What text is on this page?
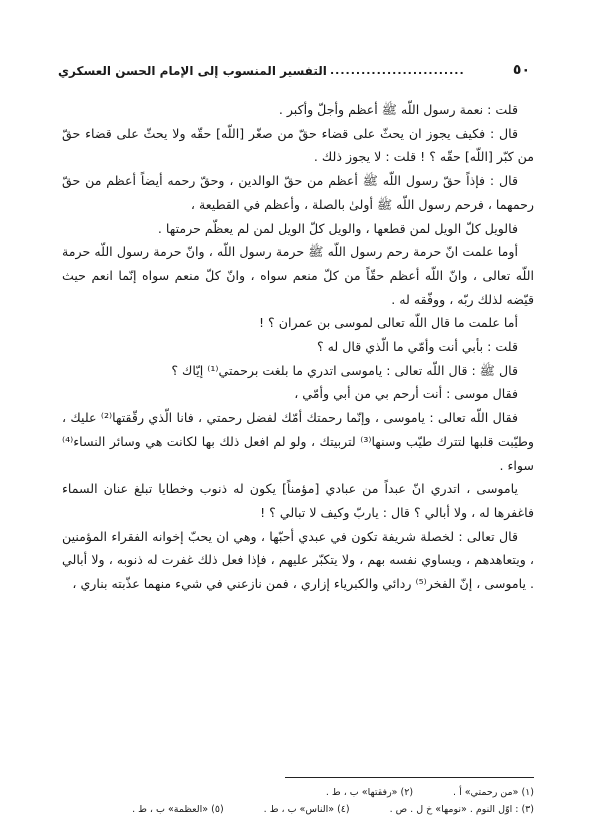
٥٠
..........................
التفسير المنسوب إلى الإمام الحسن العسكري

قلت : نعمة رسول اللّه ﷺ أعظم وأجلّ وأكبر .

قال : فكيف يجوز ان يحثّ على قضاء حقّ من صغّر [اللّه] حقّه ولا يحثّ على قضاء حقّ من كبّر [اللّه] حقّه ؟ ! قلت : لا يجوز ذلك .

قال : فإذاً حقّ رسول اللّه ﷺ أعظم من حقّ الوالدين ، وحقّ رحمه أيضاً أعظم من حقّ رحمهما ، فرحم رسول اللّه ﷺ أولىٰ بالصلة ، وأعظم في القطيعة ،

فالويل كلّ الويل لمن قطعها ، والويل كلّ الويل لمن لم يعظّم حرمتها .

أوما علمت انّ حرمة رحم رسول اللّه ﷺ حرمة رسول اللّه ، وانّ حرمة رسول اللّه حرمة اللّه تعالى ، وانّ اللّه أعظم حقّاً من كلّ منعم سواه ، وانّ كلّ منعم سواه إنّما انعم حيث قيّضه لذلك ربّه ، ووفّقه له .

أما علمت ما قال اللّه تعالى لموسى بن عمران ؟ !

قلت : بأبي أنت وأمّي ما الّذي قال له ؟

قال ﷺ : قال اللّه تعالى : ياموسى اتدري ما بلغت برحمتي⁽¹⁾ إيّاك ؟

فقال موسى : أنت أرحم بي من أبي وأمّي ،

فقال اللّه تعالى : ياموسى ، وإنّما رحمتك أمّك لفضل رحمتي ، فانا الّذي رقّقتها⁽²⁾ عليك ، وطيّبت قلبها لتترك طيّب وسنها⁽³⁾ لتربيتك ، ولو لم افعل ذلك بها لكانت هي وسائر النساء⁽⁴⁾ سواء .

ياموسى ، اتدري انّ عبداً من عبادي [مؤمناً] يكون له ذنوب وخطايا تبلغ عنان السماء فاغفرها له ، ولا أبالي ؟ قال : ياربّ وكيف لا تبالي ؟ !

قال تعالى : لخصلة شريفة تكون في عبدي أحبّها ، وهي ان يحبّ إخوانه الفقراء المؤمنين ، ويتعاهدهم ، ويساوي نفسه بهم ، ولا يتكبّر عليهم ، فإذا فعل ذلك غفرت له ذنوبه ، ولا أبالي . ياموسى ، إنّ الفخر⁽⁵⁾ ردائي والكبرياء إزاري ، فمن نازعني في شيء منهما عذّبته بناري ،

(١) «من رحمتي» أ .
(٢) «رفقتها» ب ، ط .
(٣) : اوّل النوم . «نومها» خ ل . ص .
(٤) «الناس» ب ، ط .
(٥) «العظمة» ب ، ط .
